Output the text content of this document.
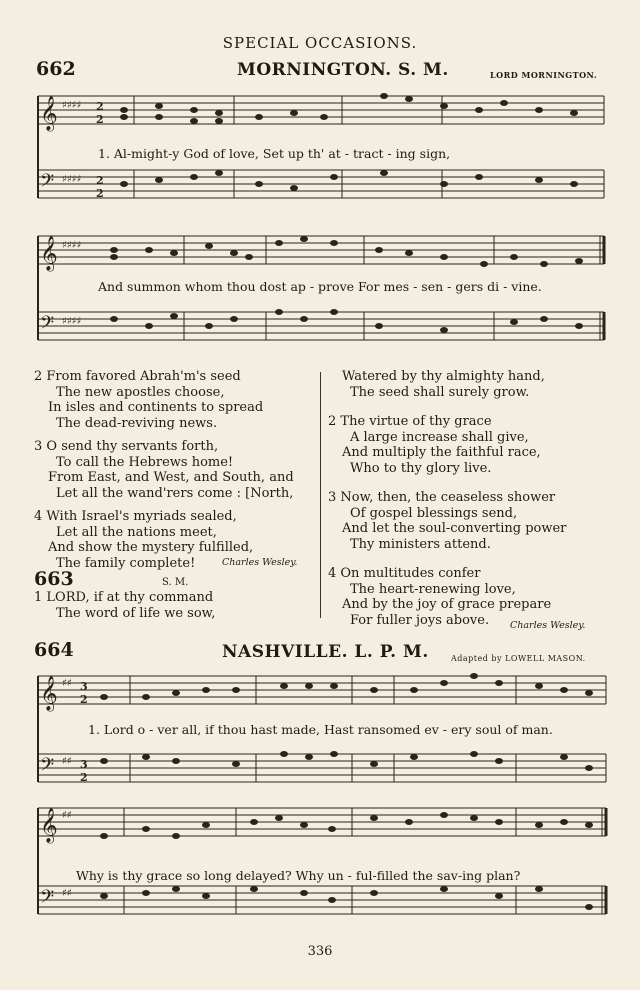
SPECIAL OCCASIONS.
662	MORNINGTON. S. M.	LORD MORNINGTON.
𝄞
𝄢
♯♯♯♯
♯♯♯♯
2
2
2
2
1. Al-might-y God of love, Set up th' at - tract - ing sign,
𝄞
𝄢
♯♯♯♯
♯♯♯♯
And summon whom thou dost ap - prove For mes - sen - gers di - vine.
2 From favored Abrah'm's seed
The new apostles choose,
In isles and continents to spread
The dead-reviving news.
3 O send thy servants forth,
To call the Hebrews home!
From East, and West, and South, and
Let all the wand'rers come : [North,
4 With Israel's myriads sealed,
Let all the nations meet,
And show the mystery fulfilled,
The family complete!	Charles Wesley.
Watered by thy almighty hand,
The seed shall surely grow.
2 The virtue of thy grace
A large increase shall give,
And multiply the faithful race,
Who to thy glory live.
3 Now, then, the ceaseless shower
Of gospel blessings send,
And let the soul-converting power
Thy ministers attend.
4 On multitudes confer
The heart-renewing love,
And by the joy of grace prepare
For fuller joys above.	Charles Wesley.
663	S. M.
1 LORD, if at thy command
The word of life we sow,
664	NASHVILLE. L. P. M.	Adapted by LOWELL MASON.
𝄞
𝄢
♯♯
♯♯
3
2
3
2
1. Lord o - ver all, if thou hast made, Hast ransomed ev - ery soul of man.
𝄞
𝄢
♯♯
♯♯
Why is thy grace so long delayed? Why un - ful-filled the sav-ing plan?
336
